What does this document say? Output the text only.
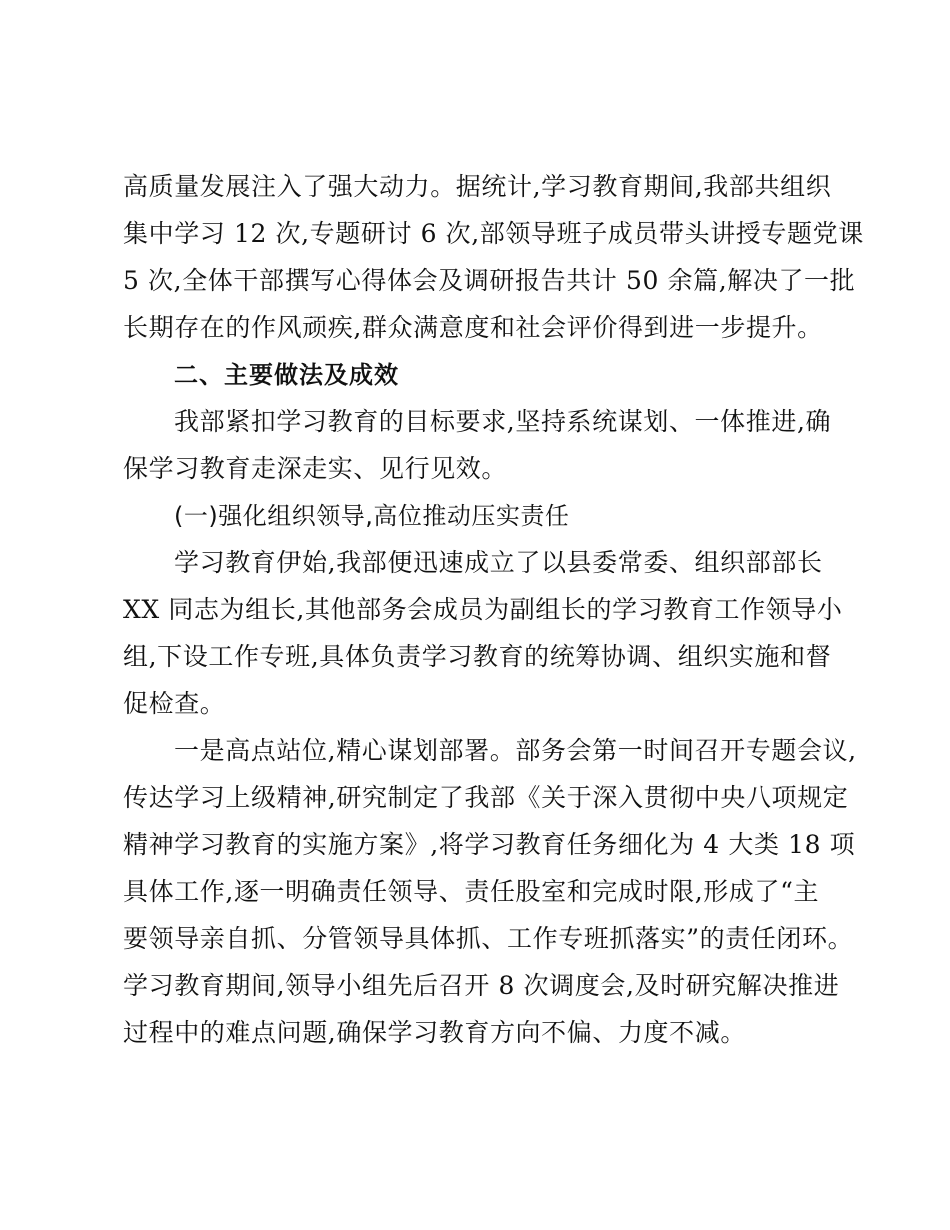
高质量发展注入了强大动力。据统计,学习教育期间,我部共组织
集中学习 12 次,专题研讨 6 次,部领导班子成员带头讲授专题党课
5 次,全体干部撰写心得体会及调研报告共计 50 余篇,解决了一批
长期存在的作风顽疾,群众满意度和社会评价得到进一步提升。
二、主要做法及成效
我部紧扣学习教育的目标要求,坚持系统谋划、一体推进,确
保学习教育走深走实、见行见效。
(一)强化组织领导,高位推动压实责任
学习教育伊始,我部便迅速成立了以县委常委、组织部部长
XX 同志为组长,其他部务会成员为副组长的学习教育工作领导小
组,下设工作专班,具体负责学习教育的统筹协调、组织实施和督
促检查。
一是高点站位,精心谋划部署。部务会第一时间召开专题会议,
传达学习上级精神,研究制定了我部《关于深入贯彻中央八项规定
精神学习教育的实施方案》,将学习教育任务细化为 4 大类 18 项
具体工作,逐一明确责任领导、责任股室和完成时限,形成了“主
要领导亲自抓、分管领导具体抓、工作专班抓落实”的责任闭环。
学习教育期间,领导小组先后召开 8 次调度会,及时研究解决推进
过程中的难点问题,确保学习教育方向不偏、力度不减。
